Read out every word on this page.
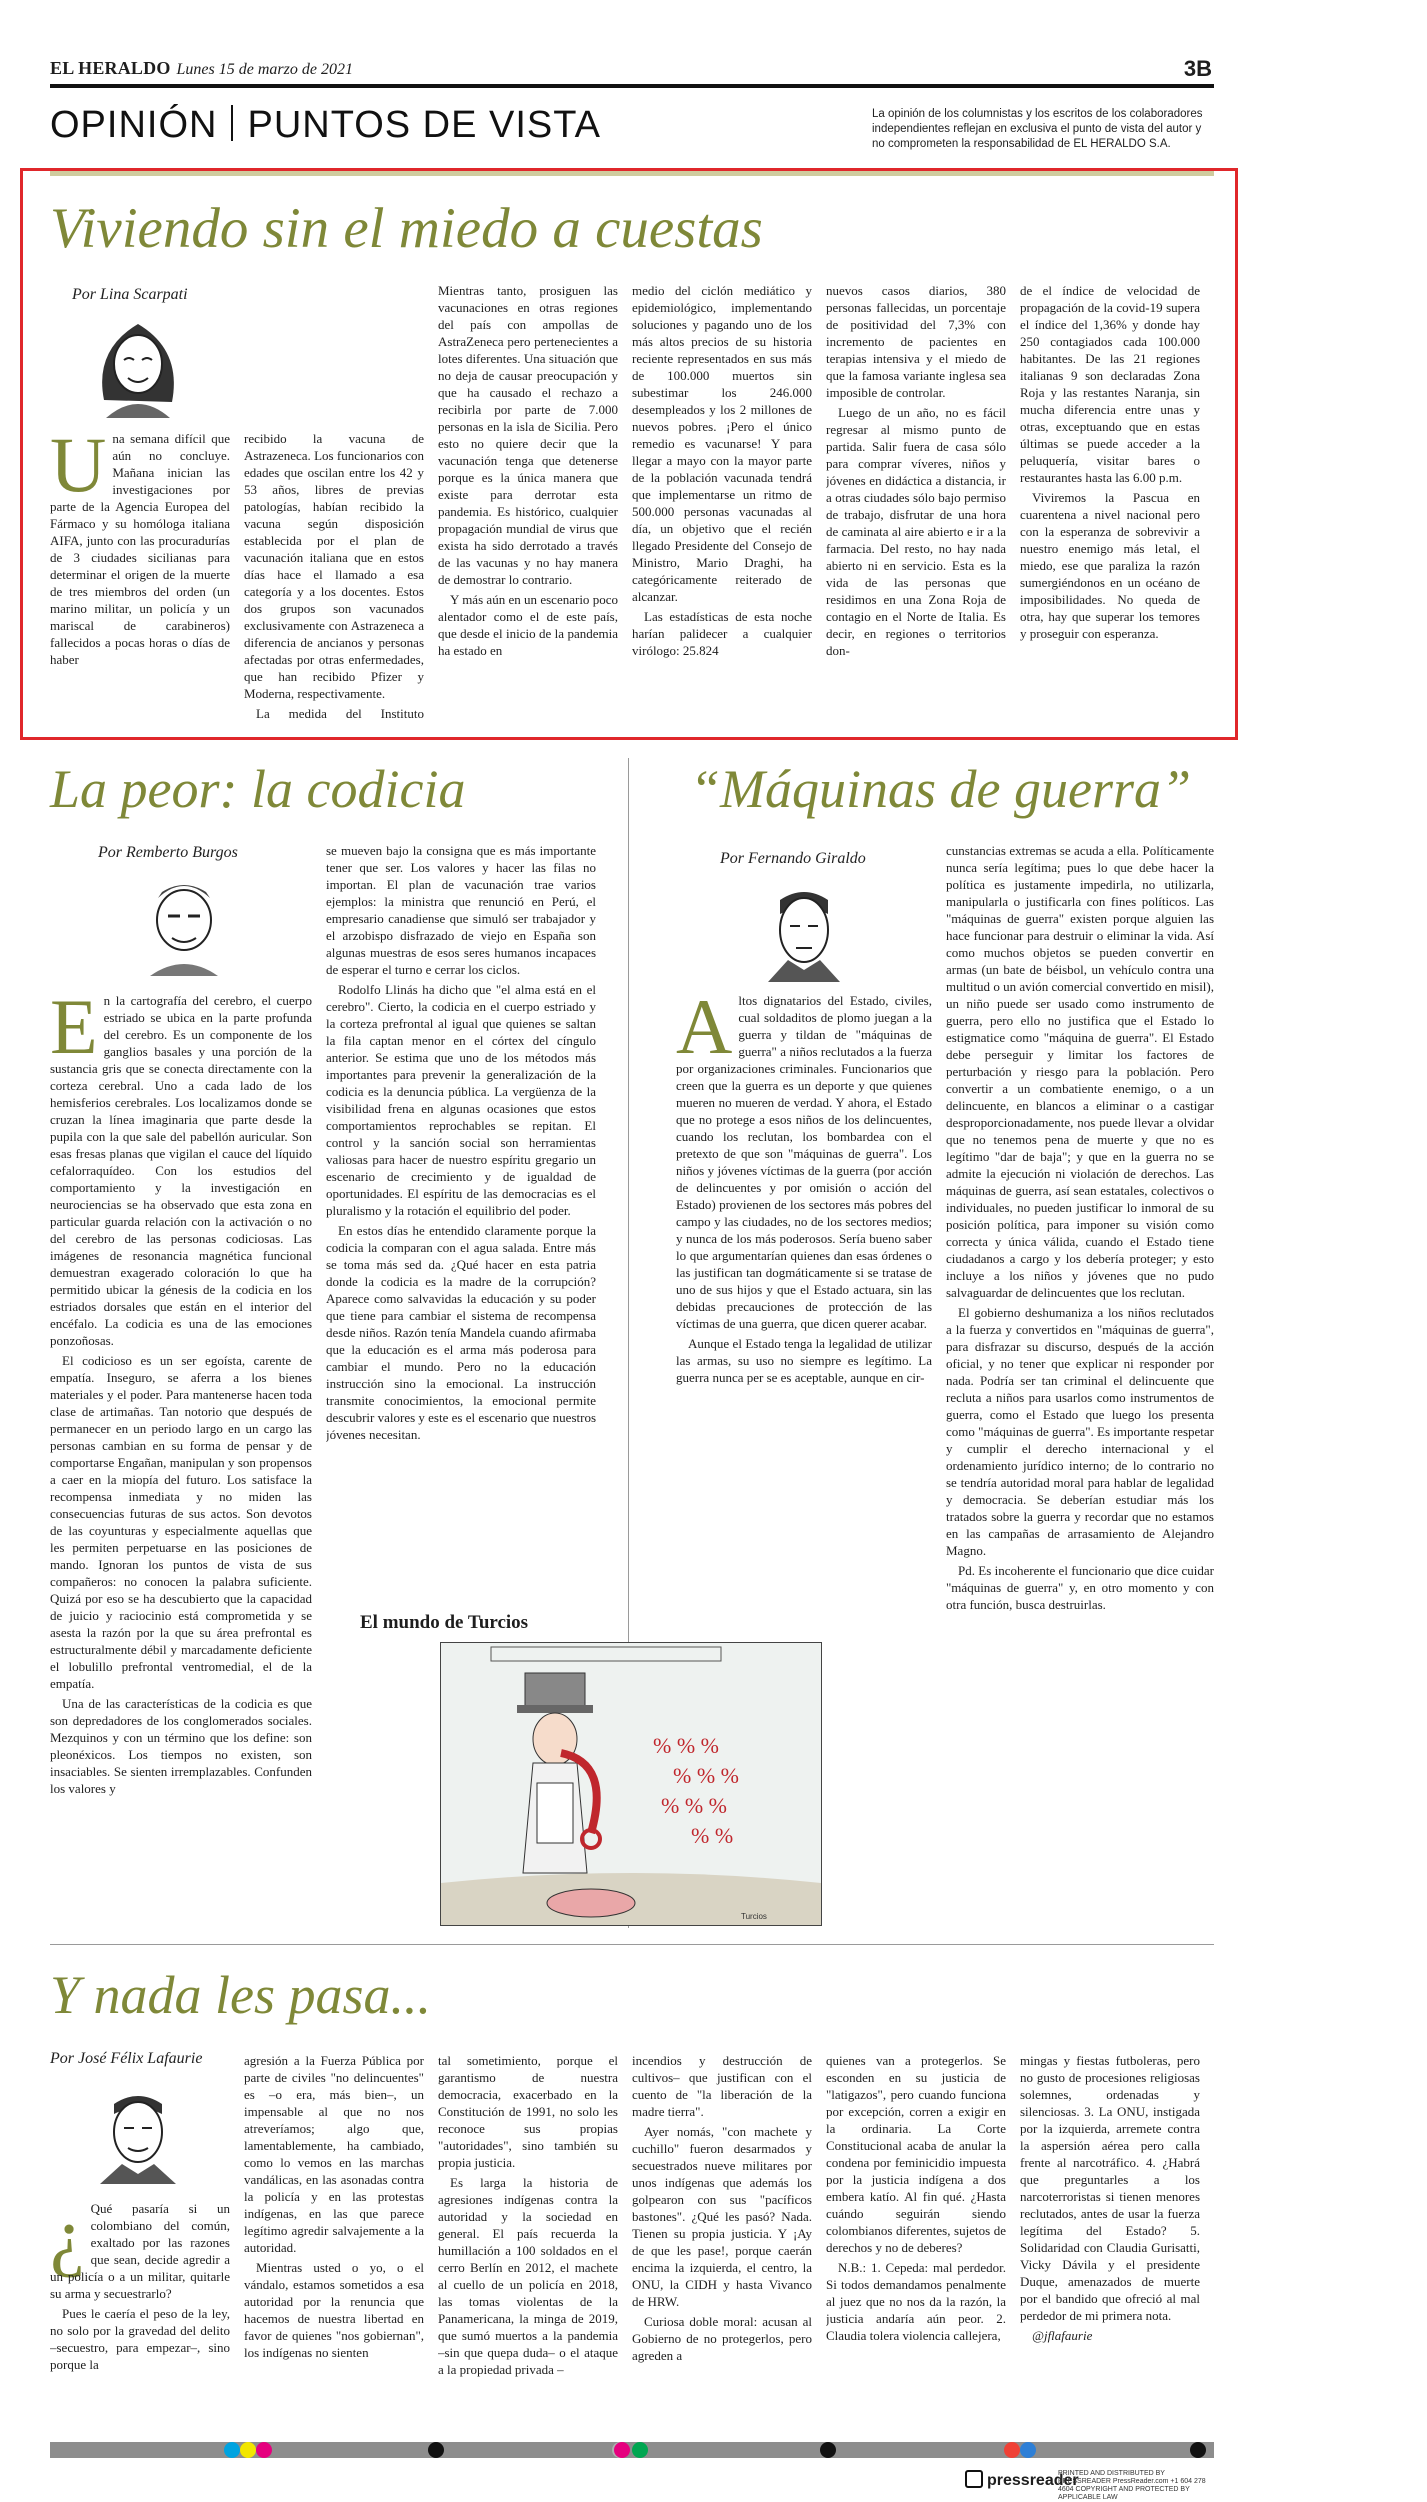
EL HERALDO Lunes 15 de marzo de 2021	3B
OPINIÓN PUNTOS DE VISTA	La opinión de los columnistas y los escritos de los colaboradores independientes reflejan en exclusiva el punto de vista del autor y no comprometen la responsabilidad de EL HERALDO S.A.
Viviendo sin el miedo a cuestas
Por Lina Scarpati
U na semana difícil que aún no concluye. Mañana inician las investigaciones por parte de la Agencia Europea del Fármaco y su homóloga italiana AIFA, junto con las procuradurías de 3 ciudades sicilianas para determinar el origen de la muerte de tres miembros del orden (un marino militar, un policía y un mariscal de carabineros) fallecidos a pocas horas o días de haber

recibido la vacuna de Astrazeneca. Los funcionarios con edades que oscilan entre los 42 y 53 años, libres de previas patologías, habían recibido la vacuna según disposición establecida por el plan de vacunación italiana que en estos días hace el llamado a esa categoría y a los docentes. Estos dos grupos son vacunados exclusivamente con Astrazeneca a diferencia de ancianos y personas afectadas por otras enfermedades, que han recibido Pfizer y Moderna, respectivamente.

La medida del Instituto

Mientras tanto, prosiguen las vacunaciones en otras regiones del país con ampollas de AstraZeneca pero pertenecientes a lotes diferentes. Una situación que no deja de causar preocupación y que ha causado el rechazo a recibirla por parte de 7.000 personas en la isla de Sicilia. Pero esto no quiere decir que la vacunación tenga que detenerse porque es la única manera que existe para derrotar esta pandemia. Es histórico, cualquier propagación mundial de virus que exista ha sido derrotado a través de las vacunas y no hay manera de demostrar lo contrario.

Y más aún en un escenario poco alentador como el de este país, que desde el inicio de la pandemia ha estado en

medio del ciclón mediático y epidemiológico, implementando soluciones y pagando uno de los más altos precios de su historia reciente representados en sus más de 100.000 muertos sin subestimar los 246.000 desempleados y los 2 millones de nuevos pobres. ¡Pero el único remedio es vacunarse! Y para llegar a mayo con la mayor parte de la población vacunada tendrá que implementarse un ritmo de 500.000 personas vacunadas al día, un objetivo que el recién llegado Presidente del Consejo de Ministro, Mario Draghi, ha categóricamente reiterado de alcanzar.

Las estadísticas de esta noche harían palidecer a cualquier virólogo: 25.824

nuevos casos diarios, 380 personas fallecidas, un porcentaje de positividad del 7,3% con incremento de pacientes en terapias intensiva y el miedo de que la famosa variante inglesa sea imposible de controlar.

Luego de un año, no es fácil regresar al mismo punto de partida. Salir fuera de casa sólo para comprar víveres, niños y jóvenes en didáctica a distancia, ir a otras ciudades sólo bajo permiso de trabajo, disfrutar de una hora de caminata al aire abierto e ir a la farmacia. Del resto, no hay nada abierto ni en servicio. Esta es la vida de las personas que residimos en una Zona Roja de contagio en el Norte de Italia. Es decir, en regiones o territorios don-

de el índice de velocidad de propagación de la covid-19 supera el índice del 1,36% y donde hay 250 contagiados cada 100.000 habitantes. De las 21 regiones italianas 9 son declaradas Zona Roja y las restantes Naranja, sin mucha diferencia entre unas y otras, exceptuando que en estas últimas se puede acceder a la peluquería, visitar bares o restaurantes hasta las 6.00 p.m.

Viviremos la Pascua en cuarentena a nivel nacional pero con la esperanza de sobrevivir a nuestro enemigo más letal, el miedo, ese que paraliza la razón sumergiéndonos en un océano de imposibilidades. No queda de otra, hay que superar los temores y proseguir con esperanza.

La peor: la codicia
Por Remberto Burgos
E n la cartografía del cerebro, el cuerpo estriado se ubica en la parte profunda del cerebro. Es un componente de los ganglios basales y una porción de la sustancia gris que se conecta directamente con la corteza cerebral. Uno a cada lado de los hemisferios cerebrales. Los localizamos donde se cruzan la línea imaginaria que parte desde la pupila con la que sale del pabellón auricular. Son esas fresas planas que vigilan el cauce del líquido cefalorraquídeo. Con los estudios del comportamiento y la investigación en neurociencias se ha observado que esta zona en particular guarda relación con la activación o no del cerebro de las personas codiciosas. Las imágenes de resonancia magnética funcional demuestran exagerado coloración lo que ha permitido ubicar la génesis de la codicia en los estriados dorsales que están en el interior del encéfalo. La codicia es una de las emociones ponzoñosas.

El codicioso es un ser egoísta, carente de empatía. Inseguro, se aferra a los bienes materiales y el poder. Para mantenerse hacen toda clase de artimañas. Tan notorio que después de permanecer en un periodo largo en un cargo las personas cambian en su forma de pensar y de comportarse Engañan, manipulan y son propensos a caer en la miopía del futuro. Los satisface la recompensa inmediata y no miden las consecuencias futuras de sus actos. Son devotos de las coyunturas y especialmente aquellas que les permiten perpetuarse en las posiciones de mando. Ignoran los puntos de vista de sus compañeros: no conocen la palabra suficiente. Quizá por eso se ha descubierto que la capacidad de juicio y raciocinio está comprometida y se asesta la razón por la que su área prefrontal es estructuralmente débil y marcadamente deficiente el lobulillo prefrontal ventromedial, el de la empatía.

Una de las características de la codicia es que son depredadores de los conglomerados sociales. Mezquinos y con un término que los define: son pleonéxicos. Los tiempos no existen, son insaciables. Se sienten irremplazables. Confunden los valores y

se mueven bajo la consigna que es más importante tener que ser. Los valores y hacer las filas no importan. El plan de vacunación trae varios ejemplos: la ministra que renunció en Perú, el empresario canadiense que simuló ser trabajador y el arzobispo disfrazado de viejo en España son algunas muestras de esos seres humanos incapaces de esperar el turno e cerrar los ciclos.

Rodolfo Llinás ha dicho que "el alma está en el cerebro". Cierto, la codicia en el cuerpo estriado y la corteza prefrontal al igual que quienes se saltan la fila captan menor en el córtex del cíngulo anterior. Se estima que uno de los métodos más importantes para prevenir la generalización de la codicia es la denuncia pública. La vergüenza de la visibilidad frena en algunas ocasiones que estos comportamientos reprochables se repitan. El control y la sanción social son herramientas valiosas para hacer de nuestro espíritu gregario un escenario de crecimiento y de igualdad de oportunidades. El espíritu de las democracias es el pluralismo y la rotación el equilibrio del poder.

En estos días he entendido claramente porque la codicia la comparan con el agua salada. Entre más se toma más sed da. ¿Qué hacer en esta patria donde la codicia es la madre de la corrupción? Aparece como salvavidas la educación y su poder que tiene para cambiar el sistema de recompensa desde niños. Razón tenía Mandela cuando afirmaba que la educación es el arma más poderosa para cambiar el mundo. Pero no la educación instrucción sino la emocional. La instrucción transmite conocimientos, la emocional permite descubrir valores y este es el escenario que nuestros jóvenes necesitan.

“Máquinas de guerra”
Por Fernando Giraldo
A ltos dignatarios del Estado, civiles, cual soldaditos de plomo juegan a la guerra y tildan de "máquinas de guerra" a niños reclutados a la fuerza por organizaciones criminales. Funcionarios que creen que la guerra es un deporte y que quienes mueren no mueren de verdad. Y ahora, el Estado que no protege a esos niños de los delincuentes, cuando los reclutan, los bombardea con el pretexto de que son "máquinas de guerra". Los niños y jóvenes víctimas de la guerra (por acción de delincuentes y por omisión o acción del Estado) provienen de los sectores más pobres del campo y las ciudades, no de los sectores medios; y nunca de los más poderosos. Sería bueno saber lo que argumentarían quienes dan esas órdenes o las justifican tan dogmáticamente si se tratase de uno de sus hijos y que el Estado actuara, sin las debidas precauciones de protección de las víctimas de una guerra, que dicen querer acabar.

Aunque el Estado tenga la legalidad de utilizar las armas, su uso no siempre es legítimo. La guerra nunca per se es aceptable, aunque en cir-

cunstancias extremas se acuda a ella. Políticamente nunca sería legítima; pues lo que debe hacer la política es justamente impedirla, no utilizarla, manipularla o justificarla con fines políticos. Las "máquinas de guerra" existen porque alguien las hace funcionar para destruir o eliminar la vida. Así como muchos objetos se pueden convertir en armas (un bate de béisbol, un vehículo contra una multitud o un avión comercial convertido en misil), un niño puede ser usado como instrumento de guerra, pero ello no justifica que el Estado lo estigmatice como "máquina de guerra". El Estado debe perseguir y limitar los factores de perturbación y riesgo para la población. Pero convertir a un combatiente enemigo, o a un delincuente, en blancos a eliminar o a castigar desproporcionadamente, nos puede llevar a olvidar que no tenemos pena de muerte y que no es legítimo "dar de baja"; y que en la guerra no se admite la ejecución ni violación de derechos. Las máquinas de guerra, así sean estatales, colectivos o individuales, no pueden justificar lo inmoral de su posición política, para imponer su visión como correcta y única válida, cuando el Estado tiene ciudadanos a cargo y los debería proteger; y esto incluye a los niños y jóvenes que no pudo salvaguardar de delincuentes que los reclutan.

El gobierno deshumaniza a los niños reclutados a la fuerza y convertidos en "máquinas de guerra", para disfrazar su discurso, después de la acción oficial, y no tener que explicar ni responder por nada. Podría ser tan criminal el delincuente que recluta a niños para usarlos como instrumentos de guerra, como el Estado que luego los presenta como "máquinas de guerra". Es importante respetar y cumplir el derecho internacional y el ordenamiento jurídico interno; de lo contrario no se tendría autoridad moral para hablar de legalidad y democracia. Se deberían estudiar más los tratados sobre la guerra y recordar que no estamos en las campañas de arrasamiento de Alejandro Magno.

Pd. Es incoherente el funcionario que dice cuidar "máquinas de guerra" y, en otro momento y con otra función, busca destruirlas.

El mundo de Turcios
% % %
% % %
% % %
% %
Turcios
Y nada les pasa...
Por José Félix Lafaurie
¿ Qué pasaría si un colombiano del común, exaltado por las razones que sean, decide agredir a un policía o a un militar, quitarle su arma y secuestrarlo?

Pues le caería el peso de la ley, no solo por la gravedad del delito –secuestro, para empezar–, sino porque la

agresión a la Fuerza Pública por parte de civiles "no delincuentes" es –o era, más bien–, un impensable al que no nos atreveríamos; algo que, lamentablemente, ha cambiado, como lo vemos en las marchas vandálicas, en las asonadas contra la policía y en las protestas indígenas, en las que parece legítimo agredir salvajemente a la autoridad.

Mientras usted o yo, o el vándalo, estamos sometidos a esa autoridad por la renuncia que hacemos de nuestra libertad en favor de quienes "nos gobiernan", los indígenas no sienten

tal sometimiento, porque el garantismo de nuestra democracia, exacerbado en la Constitución de 1991, no solo les reconoce sus propias "autoridades", sino también su propia justicia.

Es larga la historia de agresiones indígenas contra la autoridad y la sociedad en general. El país recuerda la humillación a 100 soldados en el cerro Berlín en 2012, el machete al cuello de un policía en 2018, las tomas violentas de la Panamericana, la minga de 2019, que sumó muertos a la pandemia –sin que quepa duda– o el ataque a la propiedad privada –

incendios y destrucción de cultivos– que justifican con el cuento de "la liberación de la madre tierra".

Ayer nomás, "con machete y cuchillo" fueron desarmados y secuestrados nueve militares por unos indígenas que además los golpearon con sus "pacíficos bastones". ¿Qué les pasó? Nada. Tienen su propia justicia. Y ¡Ay de que les pase!, porque caerán encima la izquierda, el centro, la ONU, la CIDH y hasta Vivanco de HRW.

Curiosa doble moral: acusan al Gobierno de no protegerlos, pero agreden a

quienes van a protegerlos. Se esconden en su justicia de "latigazos", pero cuando funciona por excepción, corren a exigir en la ordinaria. La Corte Constitucional acaba de anular la condena por feminicidio impuesta por la justicia indígena a dos embera katío. Al fin qué. ¿Hasta cuándo seguirán siendo colombianos diferentes, sujetos de derechos y no de deberes?

N.B.: 1. Cepeda: mal perdedor. Si todos demandamos penalmente al juez que no nos da la razón, la justicia andaría aún peor. 2. Claudia tolera violencia callejera,

mingas y fiestas futboleras, pero no gusto de procesiones religiosas solemnes, ordenadas y silenciosas. 3. La ONU, instigada por la izquierda, arremete contra la aspersión aérea pero calla frente al narcotráfico. 4. ¿Habrá que preguntarles a los narcoterroristas si tienen menores reclutados, antes de usar la fuerza legítima del Estado? 5. Solidaridad con Claudia Gurisatti, Vicky Dávila y el presidente Duque, amenazados de muerte por el bandido que ofreció al mal perdedor de mi primera nota.

@jflafaurie

pressreader
PRINTED AND DISTRIBUTED BY PRESSREADER PressReader.com +1 604 278 4604 COPYRIGHT AND PROTECTED BY APPLICABLE LAW
